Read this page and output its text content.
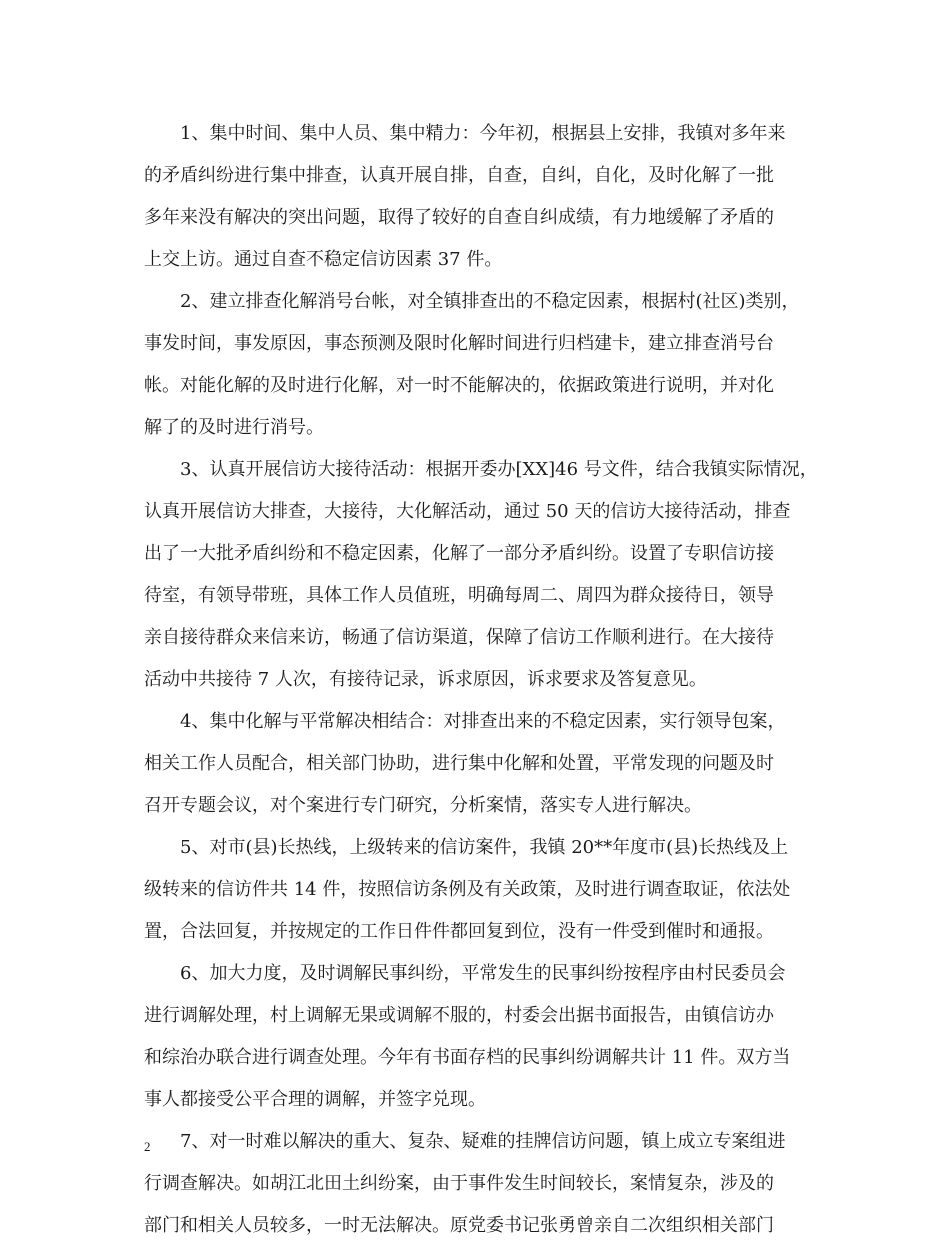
1、集中时间、集中人员、集中精力：今年初，根据县上安排，我镇对多年来
的矛盾纠纷进行集中排查，认真开展自排，自查，自纠，自化，及时化解了一批
多年来没有解决的突出问题，取得了较好的自查自纠成绩，有力地缓解了矛盾的
上交上访。通过自查不稳定信访因素 37 件。
2、建立排查化解消号台帐，对全镇排查出的不稳定因素，根据村(社区)类别，
事发时间，事发原因，事态预测及限时化解时间进行归档建卡，建立排查消号台
帐。对能化解的及时进行化解，对一时不能解决的，依据政策进行说明，并对化
解了的及时进行消号。
3、认真开展信访大接待活动：根据开委办[XX]46 号文件，结合我镇实际情况，
认真开展信访大排查，大接待，大化解活动，通过 50 天的信访大接待活动，排查
出了一大批矛盾纠纷和不稳定因素，化解了一部分矛盾纠纷。设置了专职信访接
待室，有领导带班，具体工作人员值班，明确每周二、周四为群众接待日，领导
亲自接待群众来信来访，畅通了信访渠道，保障了信访工作顺利进行。在大接待
活动中共接待 7 人次，有接待记录，诉求原因，诉求要求及答复意见。
4、集中化解与平常解决相结合：对排查出来的不稳定因素，实行领导包案，
相关工作人员配合，相关部门协助，进行集中化解和处置，平常发现的问题及时
召开专题会议，对个案进行专门研究，分析案情，落实专人进行解决。
5、对市(县)长热线，上级转来的信访案件，我镇 20**年度市(县)长热线及上
级转来的信访件共 14 件，按照信访条例及有关政策，及时进行调查取证，依法处
置，合法回复，并按规定的工作日件件都回复到位，没有一件受到催时和通报。
6、加大力度，及时调解民事纠纷，平常发生的民事纠纷按程序由村民委员会
进行调解处理，村上调解无果或调解不服的，村委会出据书面报告，由镇信访办
和综治办联合进行调查处理。今年有书面存档的民事纠纷调解共计 11 件。双方当
事人都接受公平合理的调解，并签字兑现。
7、对一时难以解决的重大、复杂、疑难的挂牌信访问题，镇上成立专案组进
行调查解决。如胡江北田土纠纷案，由于事件发生时间较长，案情复杂，涉及的
部门和相关人员较多，一时无法解决。原党委书记张勇曾亲自二次组织相关部门
2
